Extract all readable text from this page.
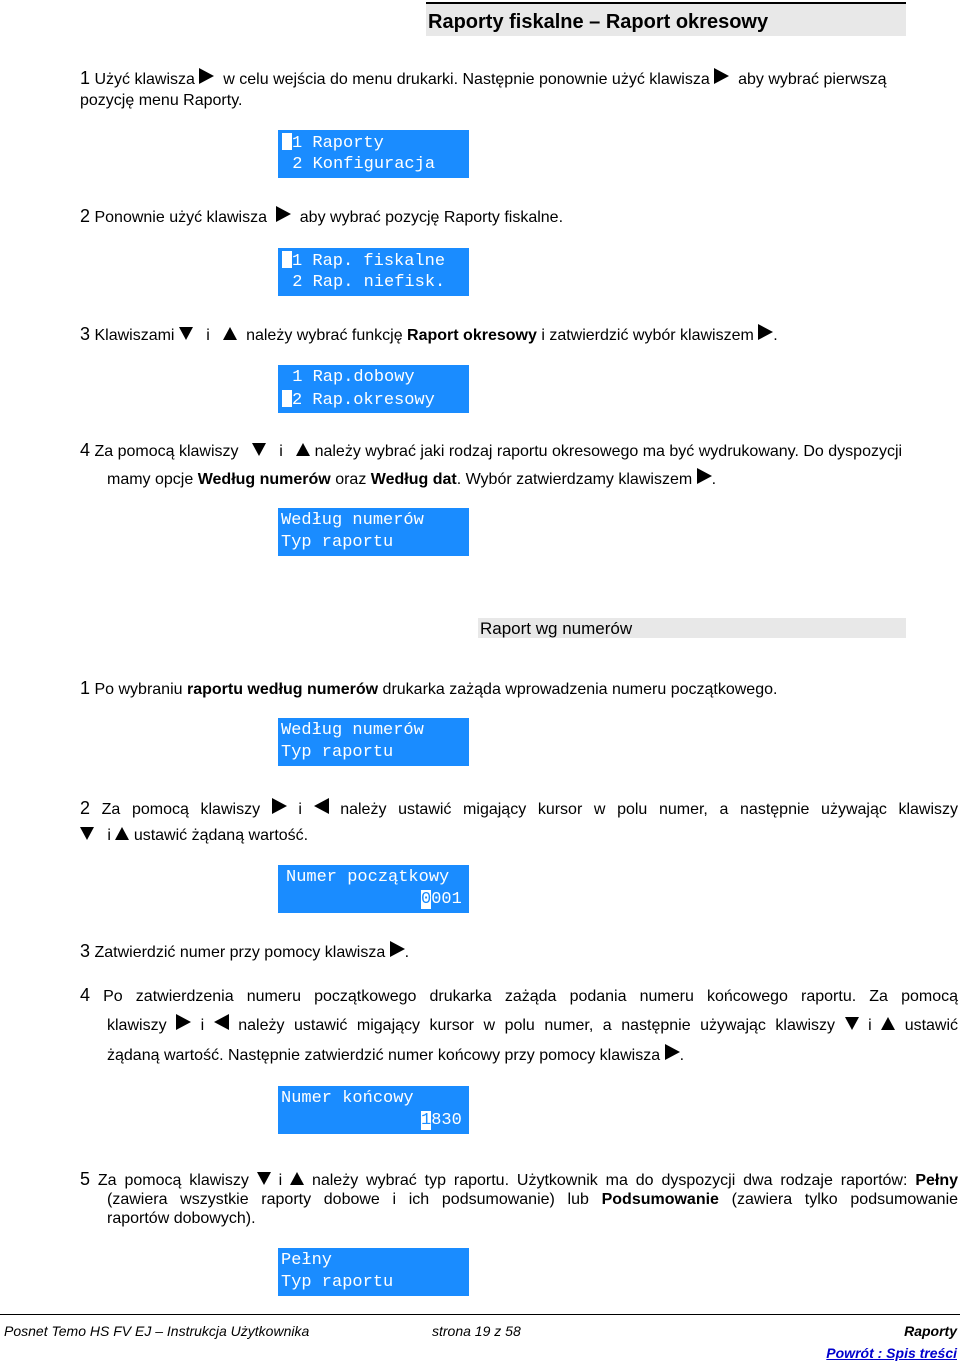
Raporty fiskalne – Raport okresowy
1 Użyć klawisza w celu wejścia do menu drukarki. Następnie ponownie użyć klawisza aby wybrać pierwszą
pozycję menu Raporty.
1 Raporty
2 Konfiguracja
2 Ponownie użyć klawisza aby wybrać pozycję Raporty fiskalne.
1 Rap. fiskalne
2 Rap. niefisk.
3 Klawiszami i należy wybrać funkcję Raport okresowy i zatwierdzić wybór klawiszem .
1 Rap.dobowy
2 Rap.okresowy
4 Za pomocą klawiszy	i należy wybrać jaki rodzaj raportu okresowego ma być wydrukowany. Do dyspozycji
mamy opcje Według numerów oraz Według dat. Wybór zatwierdzamy klawiszem .
Według numerów
Typ raportu
Raport wg numerów
1 Po wybraniu raportu według numerów drukarka zażąda wprowadzenia numeru początkowego.
Według numerów
Typ raportu
2 Za pomocą klawiszy i należy ustawić migający kursor w polu numer, a następnie używając klawiszy
i ustawić żądaną wartość.
Numer początkowy
0001
3 Zatwierdzić numer przy pomocy klawisza .
4 Po zatwierdzenia numeru początkowego drukarka zażąda podania numeru końcowego raportu. Za pomocą
klawiszy i należy ustawić migający kursor w polu numer, a następnie używając klawiszy i ustawić
żądaną wartość. Następnie zatwierdzić numer końcowy przy pomocy klawisza .
Numer końcowy
1830
5 Za pomocą klawiszy i należy wybrać typ raportu. Użytkownik ma do dyspozycji dwa rodzaje raportów: Pełny
(zawiera wszystkie raporty dobowe i ich podsumowanie) lub Podsumowanie (zawiera tylko podsumowanie
raportów dobowych).
Pełny
Typ raportu
Posnet Temo HS FV EJ – Instrukcja Użytkownika	strona 19 z 58	Raporty
Powrót : Spis treści
